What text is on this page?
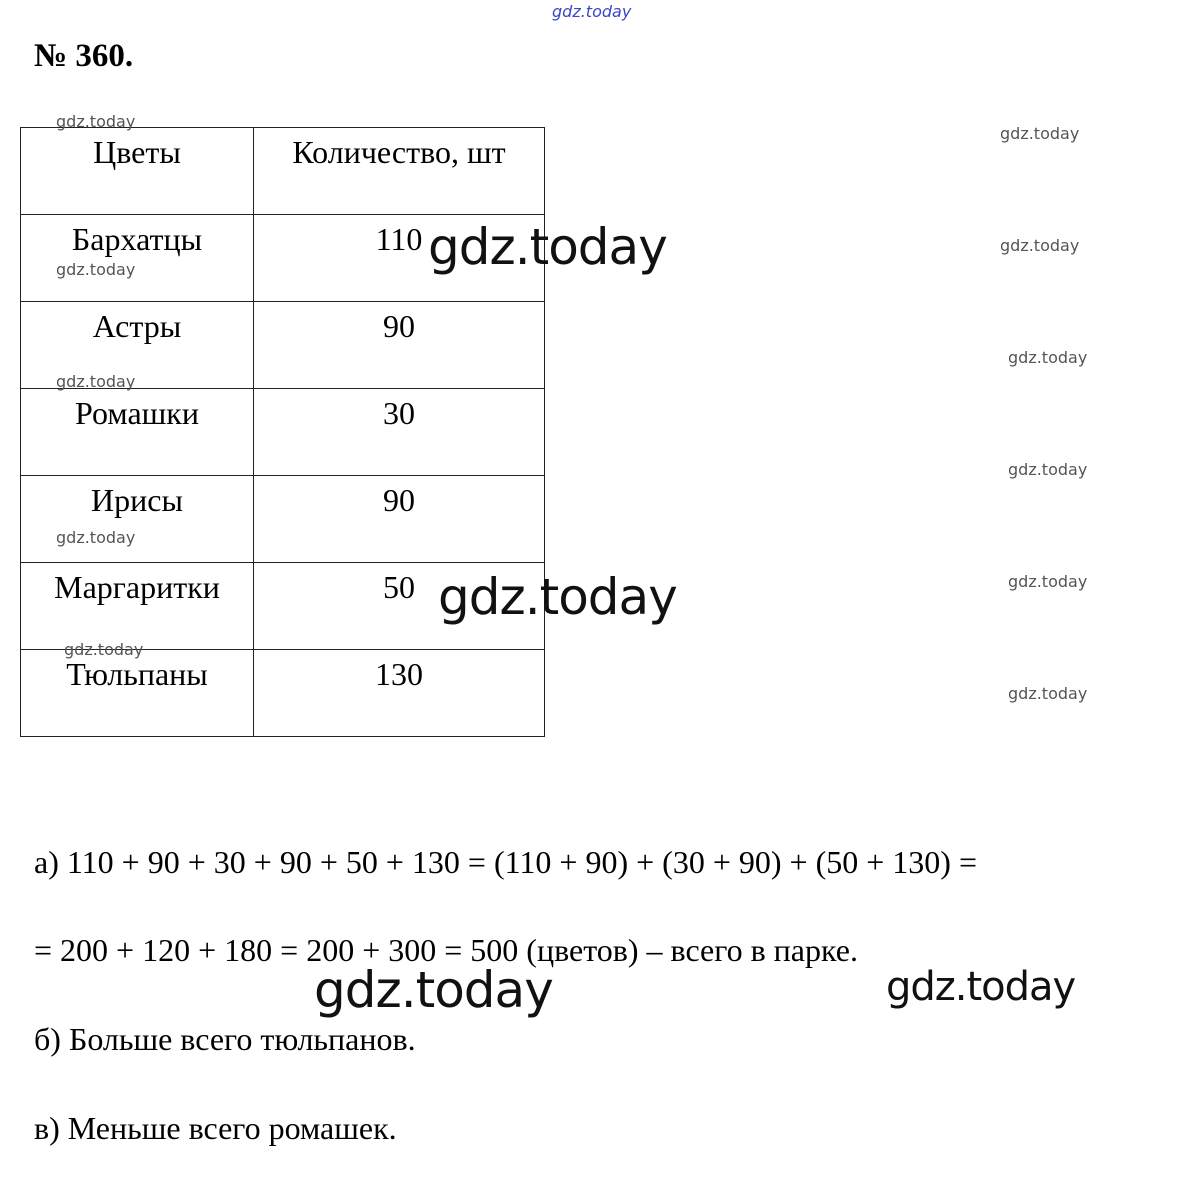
gdz.today
№ 360.
Цветы	Количество, шт

Бархатцы	110

Астры	90

Ромашки	30

Ирисы	90

Маргаритки	50

Тюльпаны	130
а) 110 + 90 + 30 + 90 + 50 + 130 = (110 + 90) + (30 + 90) + (50 + 130) =
= 200 + 120 + 180 = 200 + 300 = 500 (цветов) – всего в парке.
б) Больше всего тюльпанов.
в) Меньше всего ромашек.
gdz.today
gdz.today
gdz.today
gdz.today
gdz.today
gdz.today
gdz.today
gdz.today
gdz.today
gdz.today
gdz.today
gdz.today
gdz.today
gdz.today	gdz.today
